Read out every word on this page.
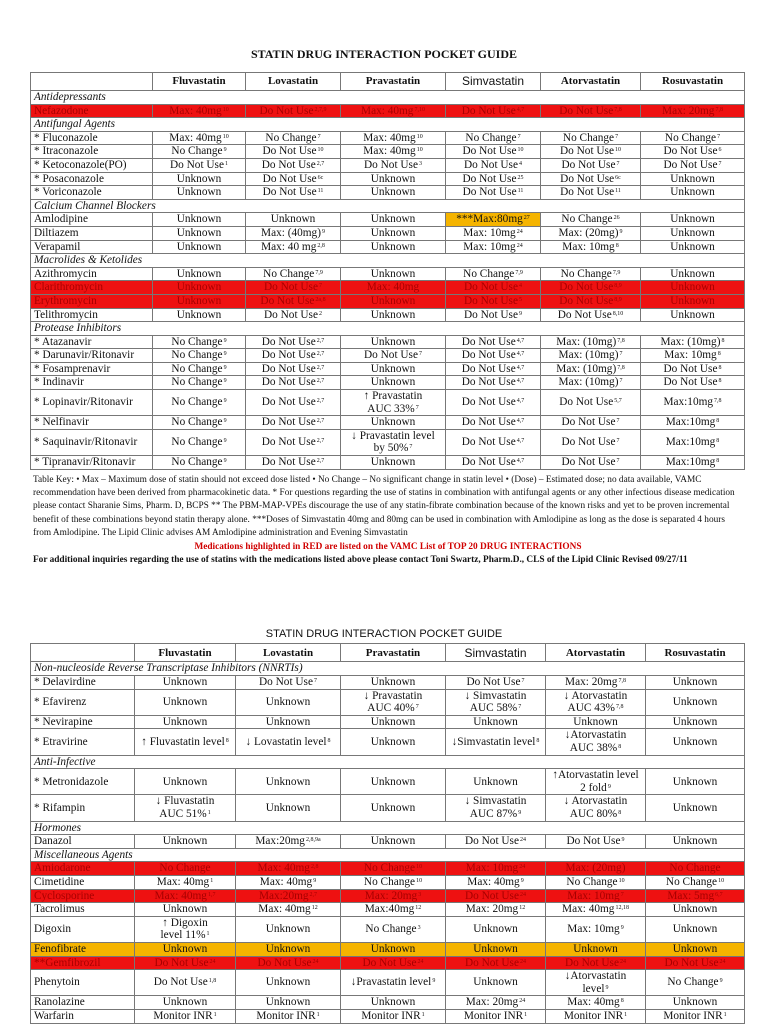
STATIN DRUG INTERACTION POCKET GUIDE
	Fluvastatin	Lovastatin	Pravastatin	Simvastatin	Atorvastatin	Rosuvastatin
Antidepressants						
Nefazodone	Max: $40mg^{10}$	Do Not Use$^{2,7,9}$	Max: 40mg$^{7,10}$	Do Not Use$^{4,7}$	Do Not Use$^{7,8}$	Max: 20mg$^{7,8}$
Antifungal Agents						
* Fluconazole	Max: $40mg^{10}$	No Change$^7$	Max: $40mg^{10}$	No Change$^7$	No Change$^7$	No Change$^7$
* Itraconazole	No Change$^9$	Do Not Use$^{10}$	Max: $40mg^{10}$	Do Not Use$^{10}$	Do Not Use$^{10}$	Do Not Use$^6$
* Ketoconazole(PO)	Do Not Use$^1$	Do Not Use$^{2,7}$	Do Not Use$^3$	Do Not Use$^4$	Do Not Use$^7$	Do Not Use$^7$
* Posaconazole	Unknown	Do Not Use$^{6c}$	Unknown	Do Not Use$^{25}$	Do Not Use$^{6c}$	Unknown
* Voriconazole	Unknown	Do Not Use$^{11}$	Unknown	Do Not Use$^{11}$	Do Not Use$^{11}$	Unknown
Calcium Channel Blockers						
Amlodipine	Unknown	Unknown	Unknown	$***Max:80mg^{27}$	No Change$^{26}$	Unknown
Diltiazem	Unknown	Max: $(40mg)^9$	Unknown	Max: $10mg^{24}$	Max: $(20mg)^9$	Unknown
Verapamil	Unknown	Max: 40 mg$^{2,8}$	Unknown	Max: $10mg^{24}$	Max: $10mg^8$	Unknown
Macrolides & Ketolides						
Azithromycin	Unknown	No Change$^{7,9}$	Unknown	No Change$^{7,9}$	No Change$^{7,9}$	Unknown
Clarithromycin	Unknown	Do Not Use$^7$	Max: 40mg	Do Not Use$^4$	Do Not Use$^{8,9}$	Unknown
Erythromycin	Unknown	Do Not Use$^{2a,8}$	Unknown	Do Not Use$^5$	Do Not Use$^{8,9}$	Unknown
Telithromycin	Unknown	Do Not Use$^2$	Unknown	Do Not Use$^9$	Do Not Use$^{8,10}$	Unknown
Protease Inhibitors						
* Atazanavir	No Change$^9$	Do Not Use$^{2,7}$	Unknown	Do Not Use$^{4,7}$	Max: $(10mg)^{7,8}$	Max: $(10mg)^8$
* Darunavir/Ritonavir	No Change$^9$	Do Not Use$^{2,7}$	Do Not Use$^7$	Do Not Use$^{4,7}$	Max: $(10mg)^7$	Max: $10mg^8$
* Fosamprenavir	No Change$^9$	Do Not Use$^{2,7}$	Unknown	Do Not Use$^{4,7}$	Max: $(10mg)^{7,8}$	Do Not Use$^8$
* Indinavir	No Change$^9$	Do Not Use$^{2,7}$	Unknown	Do Not Use$^{4,7}$	Max: $(10mg)^7$	Do Not Use$^8$
* Lopinavir/Ritonavir	No Change$^9$	Do Not Use$^{2,7}$	↑ Pravastatin
AUC 33%$^7$	Do Not Use$^{4,7}$	Do Not Use$^{5,7}$	Max:10mg$^{7,8}$
* Nelfinavir	No Change$^9$	Do Not Use$^{2,7}$	Unknown	Do Not Use$^{4,7}$	Do Not Use$^7$	$Max:10mg^8$
* Saquinavir/Ritonavir	No Change$^9$	Do Not Use$^{2,7}$	↓ Pravastatin level
by 50%$^7$	Do Not Use$^{4,7}$	Do Not Use$^7$	$Max:10mg^8$
* Tipranavir/Ritonavir	No Change$^9$	Do Not Use$^{2,7}$	Unknown	Do Not Use$^{4,7}$	Do Not Use$^7$	$Max:10mg^8$
Table Key: • Max – Maximum dose of statin should not exceed dose listed • No Change – No significant change in statin level • (Dose) – Estimated dose; no data available, VAMC recommendation have been derived from pharmacokinetic data. * For questions regarding the use of statins in combination with antifungal agents or any other infectious disease medication please contact Sharanie Sims, Pharm. D, BCPS ** The PBM-MAP-VPEs discourage the use of any statin-fibrate combination because of the known risks and yet to be proven incremental benefit of these combinations beyond statin therapy alone. ***Doses of Simvastatin 40mg and 80mg can be used in combination with Amlodipine as long as the dose is separated 4 hours from Amlodipine. The Lipid Clinic advises AM Amlodipine administration and Evening Simvastatin
Medications highlighted in RED are listed on the VAMC List of TOP 20 DRUG INTERACTIONS
For additional inquiries regarding the use of statins with the medications listed above please contact Toni Swartz, Pharm.D., CLS of the Lipid Clinic Revised 09/27/11
STATIN DRUG INTERACTION POCKET GUIDE
	Fluvastatin	Lovastatin	Pravastatin	Simvastatin	Atorvastatin	Rosuvastatin
Non-nucleoside Reverse Transcriptase Inhibitors (NNRTIs)						
* Delavirdine	Unknown	Do Not Use$^7$	Unknown	Do Not Use$^7$	Max: 20mg$^{7,8}$	Unknown
* Efavirenz	Unknown	Unknown	↓ Pravastatin
AUC 40%$^7$	↓ Simvastatin
AUC 58%$^7$	↓ Atorvastatin
AUC 43%$^{7,8}$	Unknown
* Nevirapine	Unknown	Unknown	Unknown	Unknown	Unknown	Unknown
* Etravirine	↑ Fluvastatin level$^8$	↓ Lovastatin level$^8$	Unknown	↓Simvastatin level$^8$	↓Atorvastatin
AUC 38%$^8$	Unknown
Anti-Infective						
* Metronidazole	Unknown	Unknown	Unknown	Unknown	↑Atorvastatin level
2 fold$^9$	Unknown
* Rifampin	↓ Fluvastatin
AUC 51%$^1$	Unknown	Unknown	↓ Simvastatin
AUC 87%$^9$	↓ Atorvastatin
AUC 80%$^8$	Unknown
Hormones						
Danazol	Unknown	$Max:20mg^{2,8,9a}$	Unknown	Do Not Use$^{24}$	Do Not Use$^9$	Unknown
Miscellaneous Agents						
Amiodarone	No Change	Max: 40mg$^{2,8}$	No Change$^{10}$	Max: $10mg^{24}$	Max: (20mg)	No Change
Cimetidine	Max: $40mg^1$	Max: $40mg^9$	No Change$^{10}$	Max: $40mg^9$	No Change$^{10}$	No Change$^{10}$
Cyclosporine	Max: 40mg$^{1,7}$	Max:20mg$^{2,7}$	Max: $20mg^3$	Do Not Use$^{24}$	Max: $10mg^7$	Max: 5mg$^{6,7}$
Tacrolimus	Unknown	Max: $40mg^{12}$	$Max:40mg^{12}$	Max: $20mg^{12}$	Max: 40mg$^{12,18}$	Unknown
Digoxin	↑ Digoxin
level 11%$^1$	Unknown	No Change$^3$	Unknown	Max: $10mg^9$	Unknown
Fenofibrate	Unknown	Unknown	Unknown	Unknown	Unknown	Unknown
**Gemfibrozil	Do Not Use$^{24}$	Do Not Use$^{24}$	Do Not Use$^{24}$	Do Not Use$^{24}$	Do Not Use$^{24}$	Do Not Use$^{24}$
Phenytoin	Do Not Use$^{1,8}$	Unknown	↓Pravastatin level$^9$	Unknown	↓Atorvastatin
level$^9$	No Change$^9$
Ranolazine	Unknown	Unknown	Unknown	Max: $20mg^{24}$	Max: $40mg^8$	Unknown
Warfarin	Monitor INR$^1$	Monitor INR$^1$	Monitor INR$^1$	Monitor INR$^1$	Monitor INR$^1$	Monitor INR$^1$
